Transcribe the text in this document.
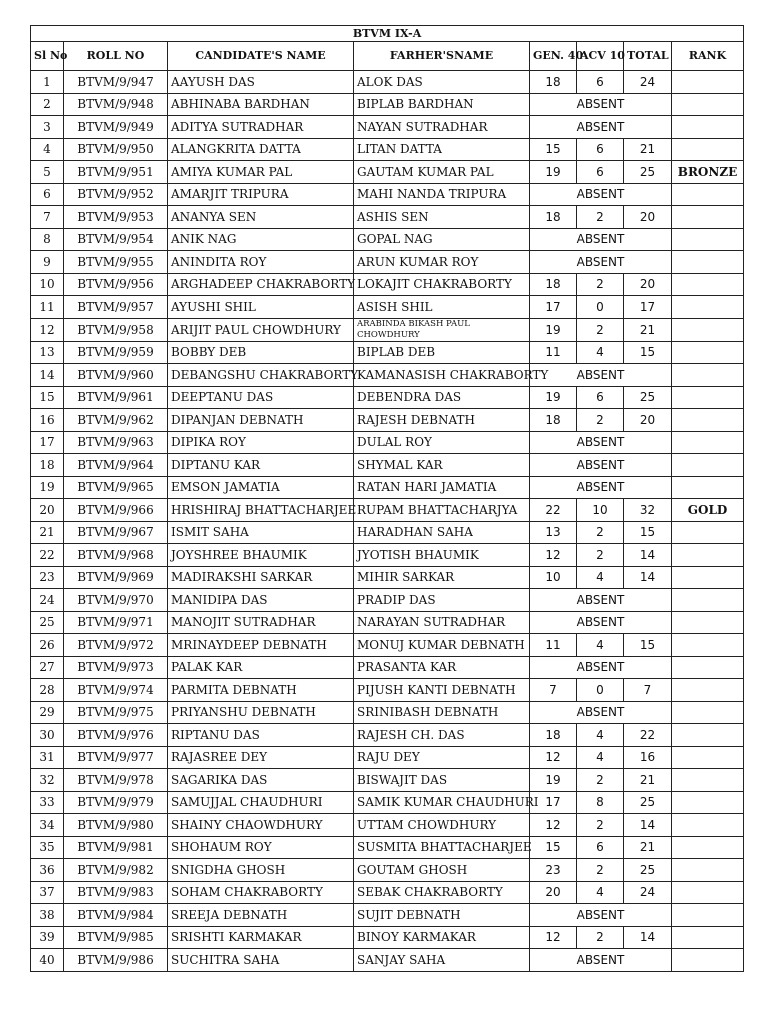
BTVM IX-A							
Sl No	ROLL NO	CANDIDATE'S NAME	FARHER'SNAME	GEN. 40	ACV 10	TOTAL	RANK
1	BTVM/9/947	AAYUSH DAS	ALOK DAS	18	6	24	
2	BTVM/9/948	ABHINABA BARDHAN	BIPLAB BARDHAN	ABSENT			
3	BTVM/9/949	ADITYA SUTRADHAR	NAYAN SUTRADHAR	ABSENT			
4	BTVM/9/950	ALANGKRITA DATTA	LITAN DATTA	15	6	21	
5	BTVM/9/951	AMIYA KUMAR PAL	GAUTAM KUMAR PAL	19	6	25	BRONZE
6	BTVM/9/952	AMARJIT TRIPURA	MAHI NANDA TRIPURA	ABSENT			
7	BTVM/9/953	ANANYA SEN	ASHIS SEN	18	2	20	
8	BTVM/9/954	ANIK NAG	GOPAL NAG	ABSENT			
9	BTVM/9/955	ANINDITA ROY	ARUN KUMAR ROY	ABSENT			
10	BTVM/9/956	ARGHADEEP CHAKRABORTY	LOKAJIT CHAKRABORTY	18	2	20	
11	BTVM/9/957	AYUSHI SHIL	ASISH SHIL	17	0	17	
12	BTVM/9/958	ARIJIT PAUL CHOWDHURY	ARABINDA BIKASH PAUL CHOWDHURY	19	2	21	
13	BTVM/9/959	BOBBY DEB	BIPLAB DEB	11	4	15	
14	BTVM/9/960	DEBANGSHU CHAKRABORTY	KAMANASISH CHAKRABORTY	ABSENT			
15	BTVM/9/961	DEEPTANU DAS	DEBENDRA DAS	19	6	25	
16	BTVM/9/962	DIPANJAN DEBNATH	RAJESH DEBNATH	18	2	20	
17	BTVM/9/963	DIPIKA ROY	DULAL ROY	ABSENT			
18	BTVM/9/964	DIPTANU KAR	SHYMAL KAR	ABSENT			
19	BTVM/9/965	EMSON JAMATIA	RATAN HARI JAMATIA	ABSENT			
20	BTVM/9/966	HRISHIRAJ BHATTACHARJEE	RUPAM BHATTACHARJYA	22	10	32	GOLD
21	BTVM/9/967	ISMIT SAHA	HARADHAN SAHA	13	2	15	
22	BTVM/9/968	JOYSHREE BHAUMIK	JYOTISH BHAUMIK	12	2	14	
23	BTVM/9/969	MADIRAKSHI SARKAR	MIHIR SARKAR	10	4	14	
24	BTVM/9/970	MANIDIPA DAS	PRADIP DAS	ABSENT			
25	BTVM/9/971	MANOJIT SUTRADHAR	NARAYAN SUTRADHAR	ABSENT			
26	BTVM/9/972	MRINAYDEEP DEBNATH	MONUJ KUMAR DEBNATH	11	4	15	
27	BTVM/9/973	PALAK KAR	PRASANTA KAR	ABSENT			
28	BTVM/9/974	PARMITA DEBNATH	PIJUSH KANTI DEBNATH	7	0	7	
29	BTVM/9/975	PRIYANSHU DEBNATH	SRINIBASH DEBNATH	ABSENT			
30	BTVM/9/976	RIPTANU DAS	RAJESH CH. DAS	18	4	22	
31	BTVM/9/977	RAJASREE DEY	RAJU DEY	12	4	16	
32	BTVM/9/978	SAGARIKA DAS	BISWAJIT DAS	19	2	21	
33	BTVM/9/979	SAMUJJAL CHAUDHURI	SAMIK KUMAR CHAUDHURI	17	8	25	
34	BTVM/9/980	SHAINY CHAOWDHURY	UTTAM CHOWDHURY	12	2	14	
35	BTVM/9/981	SHOHAUM ROY	SUSMITA BHATTACHARJEE	15	6	21	
36	BTVM/9/982	SNIGDHA GHOSH	GOUTAM GHOSH	23	2	25	
37	BTVM/9/983	SOHAM CHAKRABORTY	SEBAK CHAKRABORTY	20	4	24	
38	BTVM/9/984	SREEJA DEBNATH	SUJIT DEBNATH	ABSENT			
39	BTVM/9/985	SRISHTI KARMAKAR	BINOY KARMAKAR	12	2	14	
40	BTVM/9/986	SUCHITRA SAHA	SANJAY SAHA	ABSENT			
